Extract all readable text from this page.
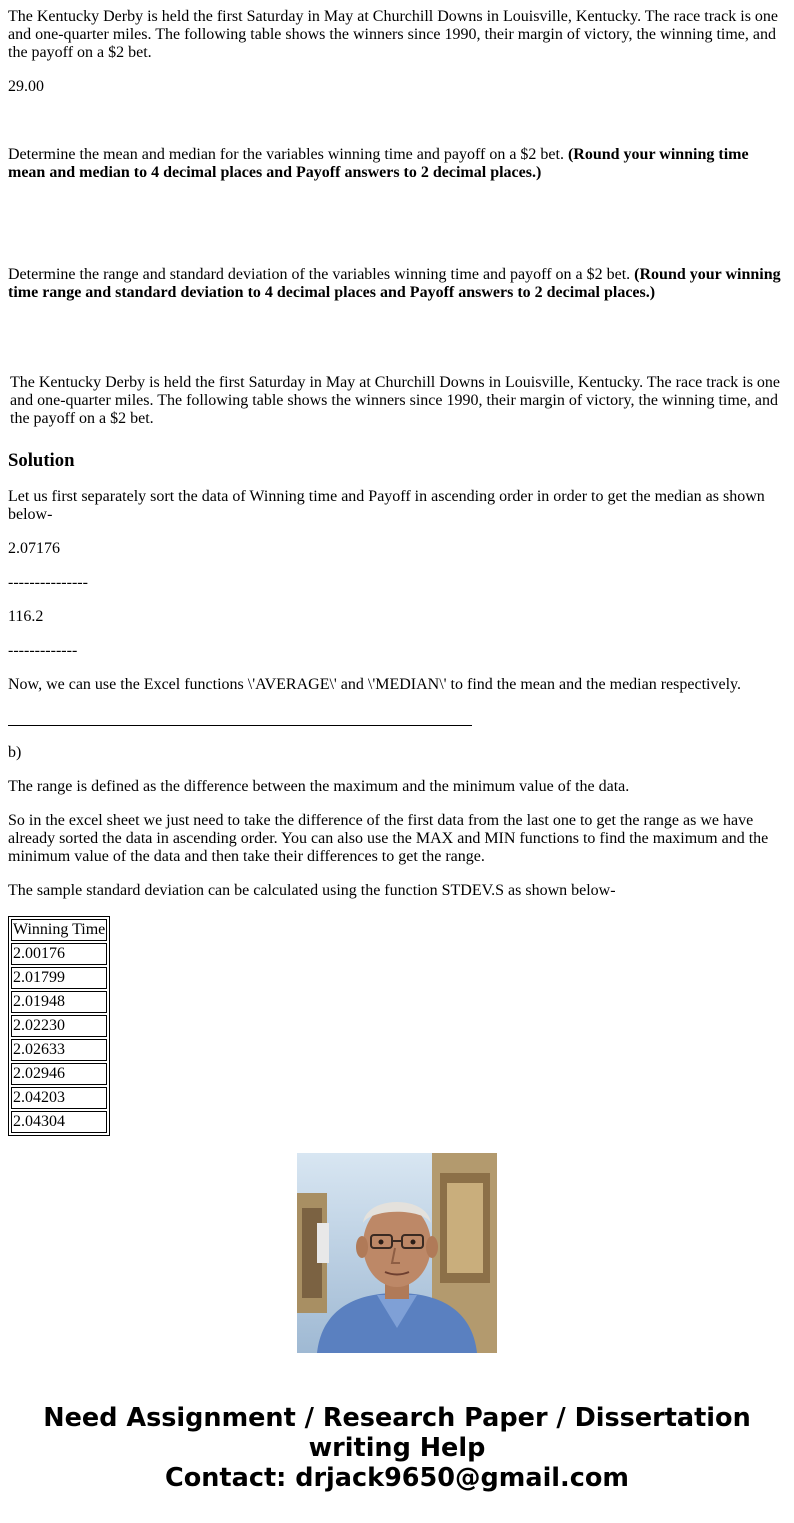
The Kentucky Derby is held the first Saturday in May at Churchill Downs in Louisville, Kentucky. The race track is one and one-quarter miles. The following table shows the winners since 1990, their margin of victory, the winning time, and the payoff on a $2 bet.

29.00

Determine the mean and median for the variables winning time and payoff on a $2 bet. (Round your winning time mean and median to 4 decimal places and Payoff answers to 2 decimal places.)

Determine the range and standard deviation of the variables winning time and payoff on a $2 bet. (Round your winning time range and standard deviation to 4 decimal places and Payoff answers to 2 decimal places.)

The Kentucky Derby is held the first Saturday in May at Churchill Downs in Louisville, Kentucky. The race track is one and one-quarter miles. The following table shows the winners since 1990, their margin of victory, the winning time, and the payoff on a $2 bet.

Solution

Let us first separately sort the data of Winning time and Payoff in ascending order in order to get the median as shown below-

2.07176

---------------

116.2

-------------

Now, we can use the Excel functions \'AVERAGE\' and \'MEDIAN\' to find the mean and the median respectively.

b)

The range is defined as the difference between the maximum and the minimum value of the data.

So in the excel sheet we just need to take the difference of the first data from the last one to get the range as we have already sorted the data in ascending order. You can also use the MAX and MIN functions to find the maximum and the minimum value of the data and then take their differences to get the range.

The sample standard deviation can be calculated using the function STDEV.S as shown below-

Winning Time
2.00176
2.01799
2.01948
2.02230
2.02633
2.02946
2.04203
2.04304
Need Assignment / Research Paper / Dissertation
writing Help
Contact: drjack9650@gmail.com
